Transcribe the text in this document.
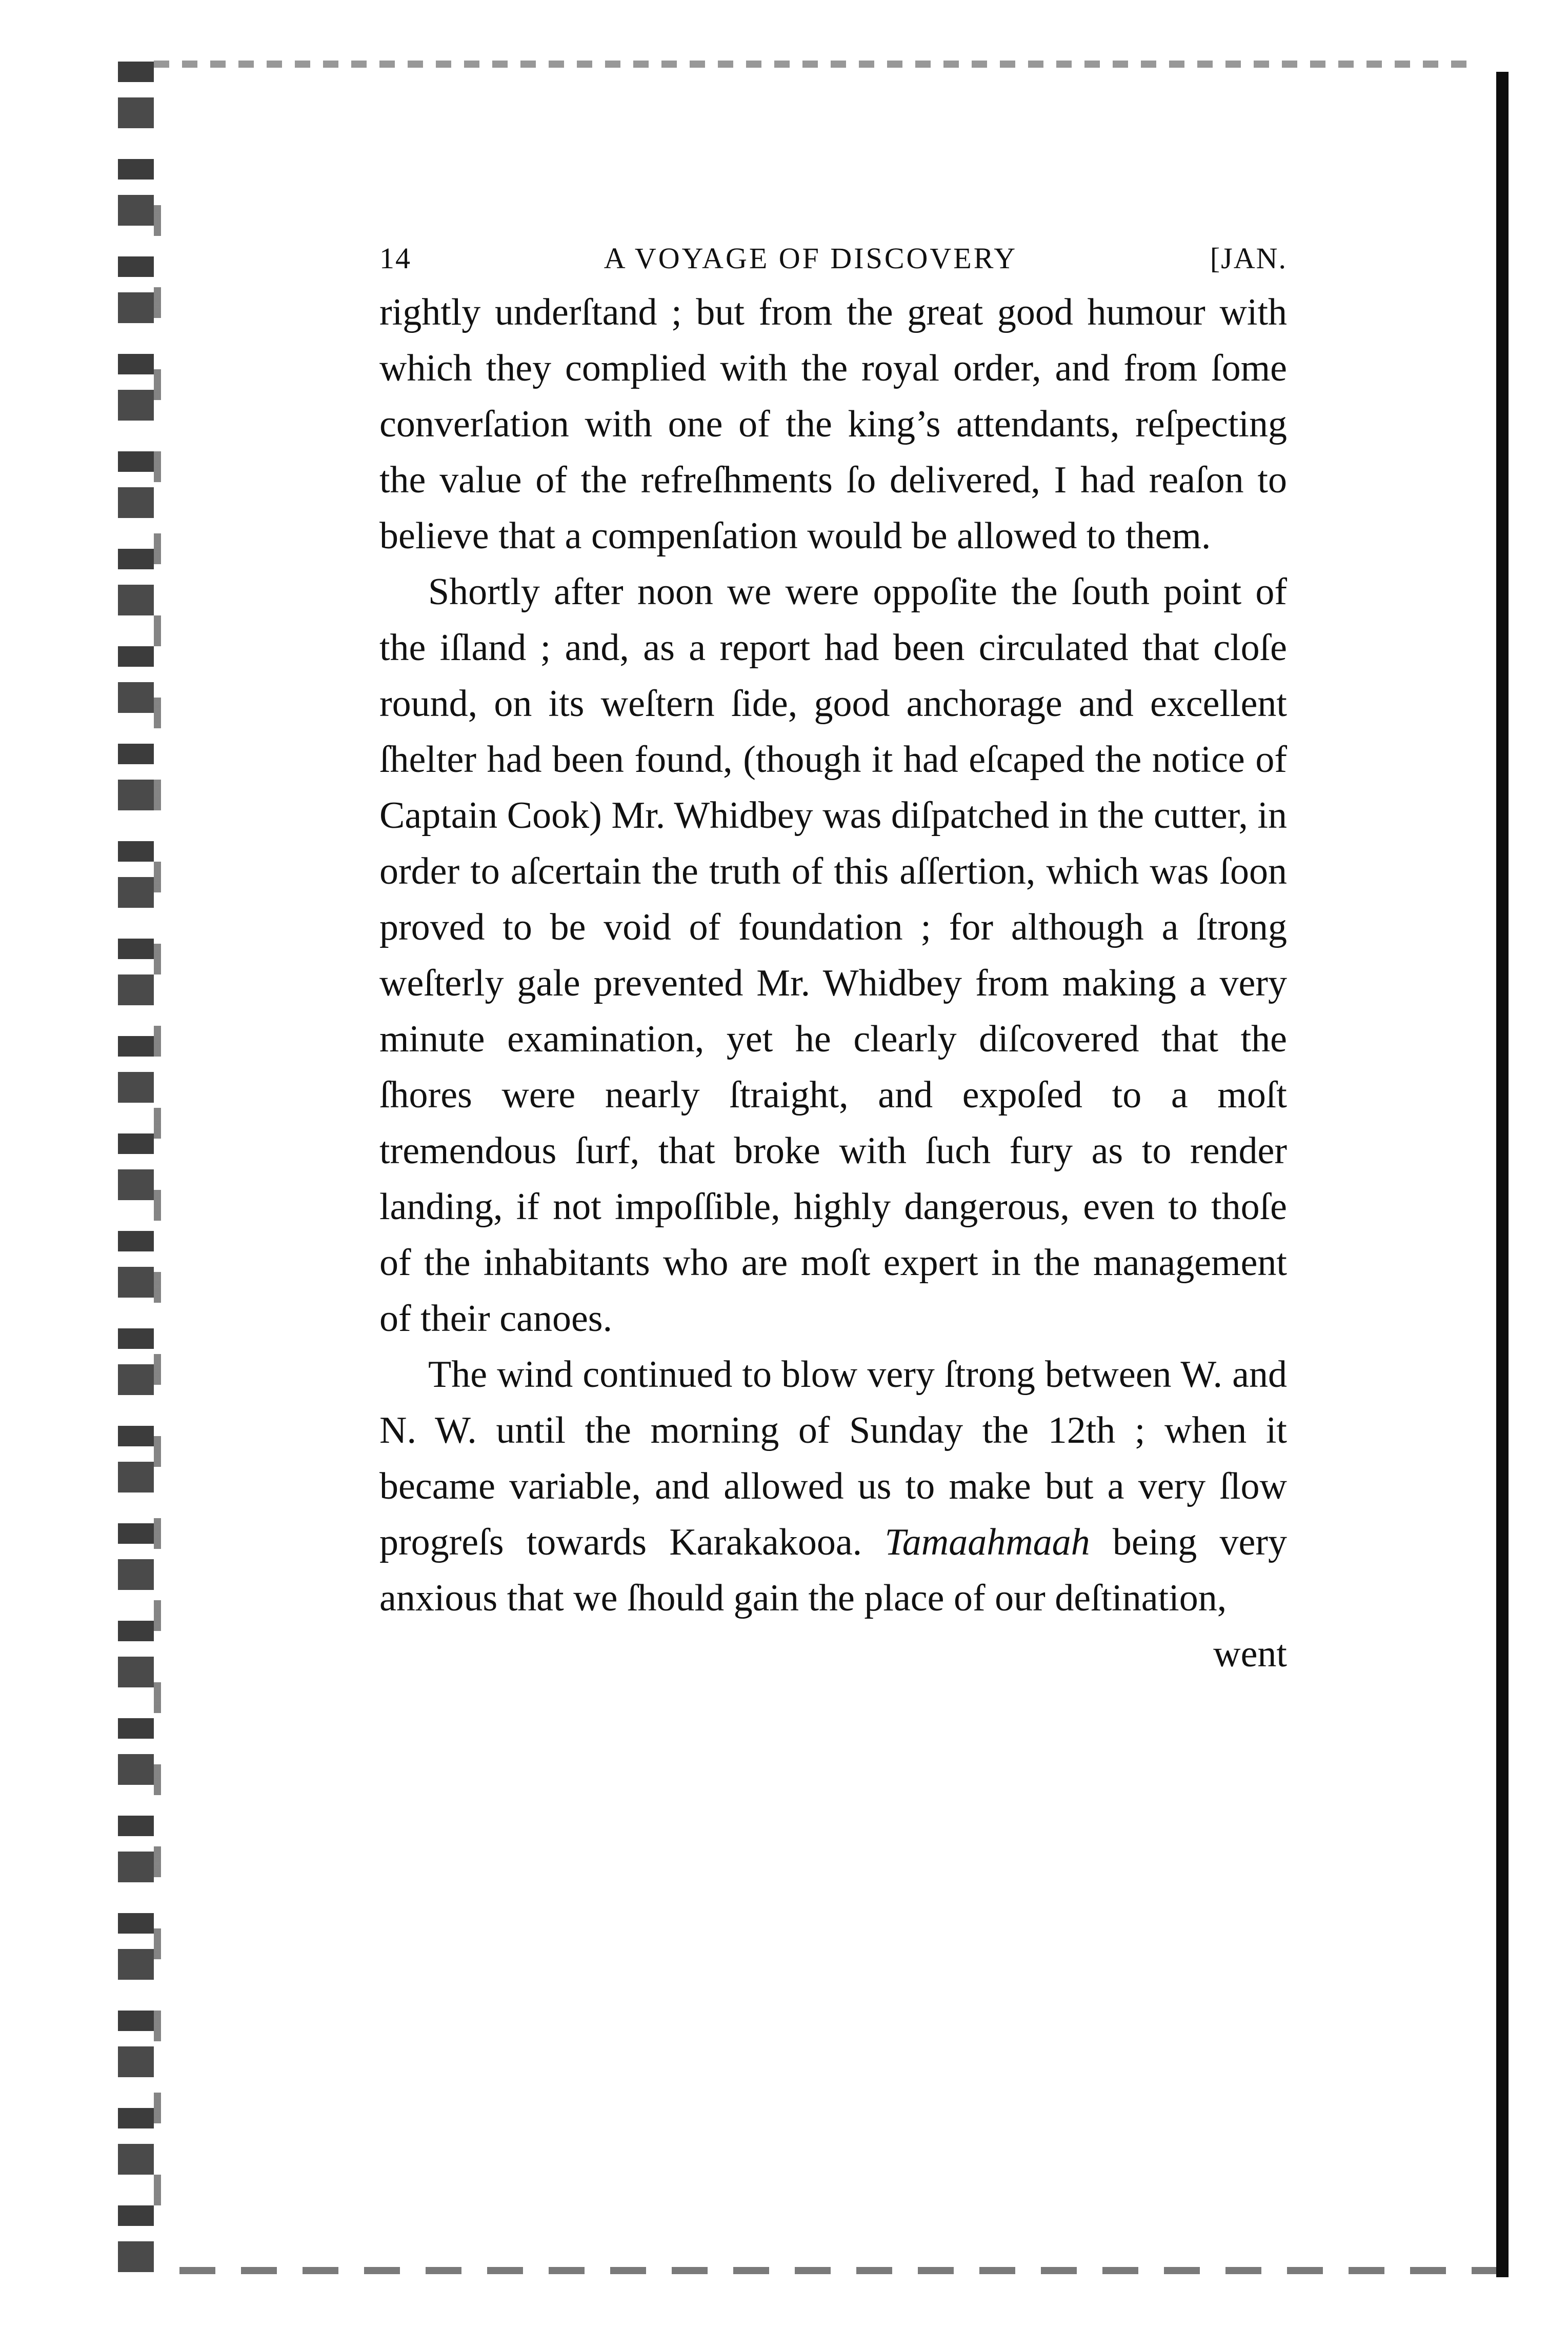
14	A VOYAGE OF DISCOVERY	[JAN.

rightly underſtand ; but from the great good humour with which they complied with the royal order, and from ſome converſation with one of the king’s attendants, reſpecting the value of the refreſhments ſo delivered, I had reaſon to believe that a compenſation would be allowed to them.

Shortly after noon we were oppoſite the ſouth point of the iſland ; and, as a report had been circulated that cloſe round, on its weſtern ſide, good anchorage and excellent ſhelter had been found, (though it had eſcaped the notice of Captain Cook) Mr. Whidbey was diſpatched in the cutter, in order to aſcertain the truth of this aſſertion, which was ſoon proved to be void of foundation ; for although a ſtrong weſterly gale prevented Mr. Whidbey from making a very minute examination, yet he clearly diſcovered that the ſhores were nearly ſtraight, and expoſed to a moſt tremendous ſurf, that broke with ſuch fury as to render landing, if not impoſſible, highly dangerous, even to thoſe of the inhabitants who are moſt expert in the management of their canoes.

The wind continued to blow very ſtrong between W. and N. W. until the morning of Sunday the 12th ; when it became variable, and allowed us to make but a very ſlow progreſs towards Karakakooa. Tamaahmaah being very anxious that we ſhould gain the place of our deſtination,

went
